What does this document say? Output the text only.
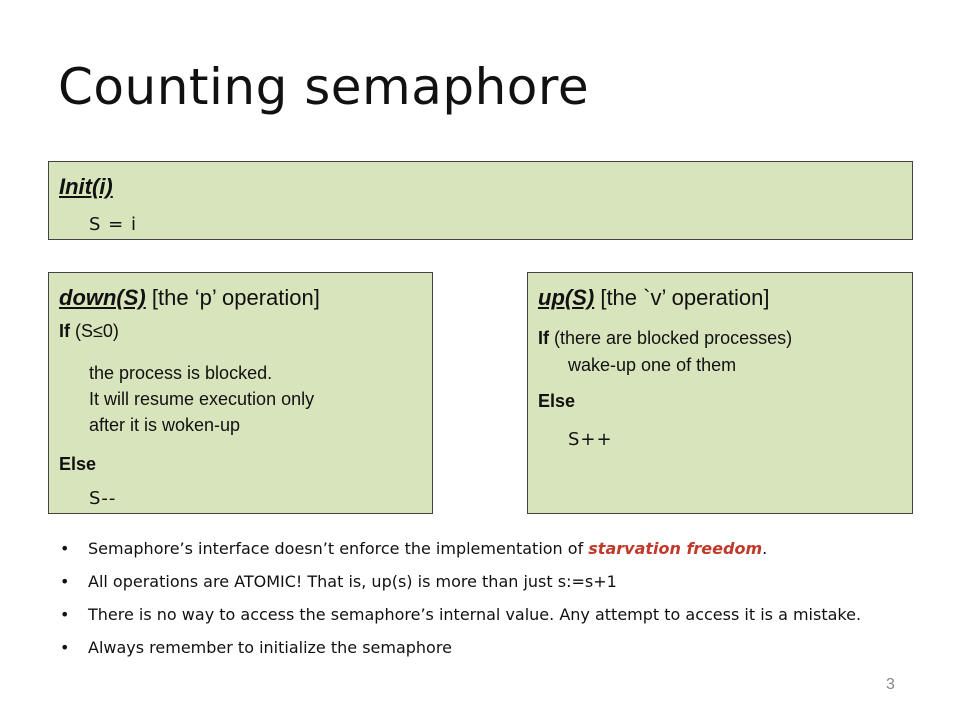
Counting semaphore
Init(i)
S = i
down(S) [the ‘p’ operation]
If (S≤0)
the process is blocked.
It will resume execution only
after it is woken-up
Else
S--
up(S) [the `v’ operation]
If (there are blocked processes)
wake-up one of them
Else
S++
• Semaphore’s interface doesn’t enforce the implementation of starvation freedom.
• All operations are ATOMIC! That is, up(s) is more than just s:=s+1
• There is no way to access the semaphore’s internal value. Any attempt to access it is a mistake.
• Always remember to initialize the semaphore
3
